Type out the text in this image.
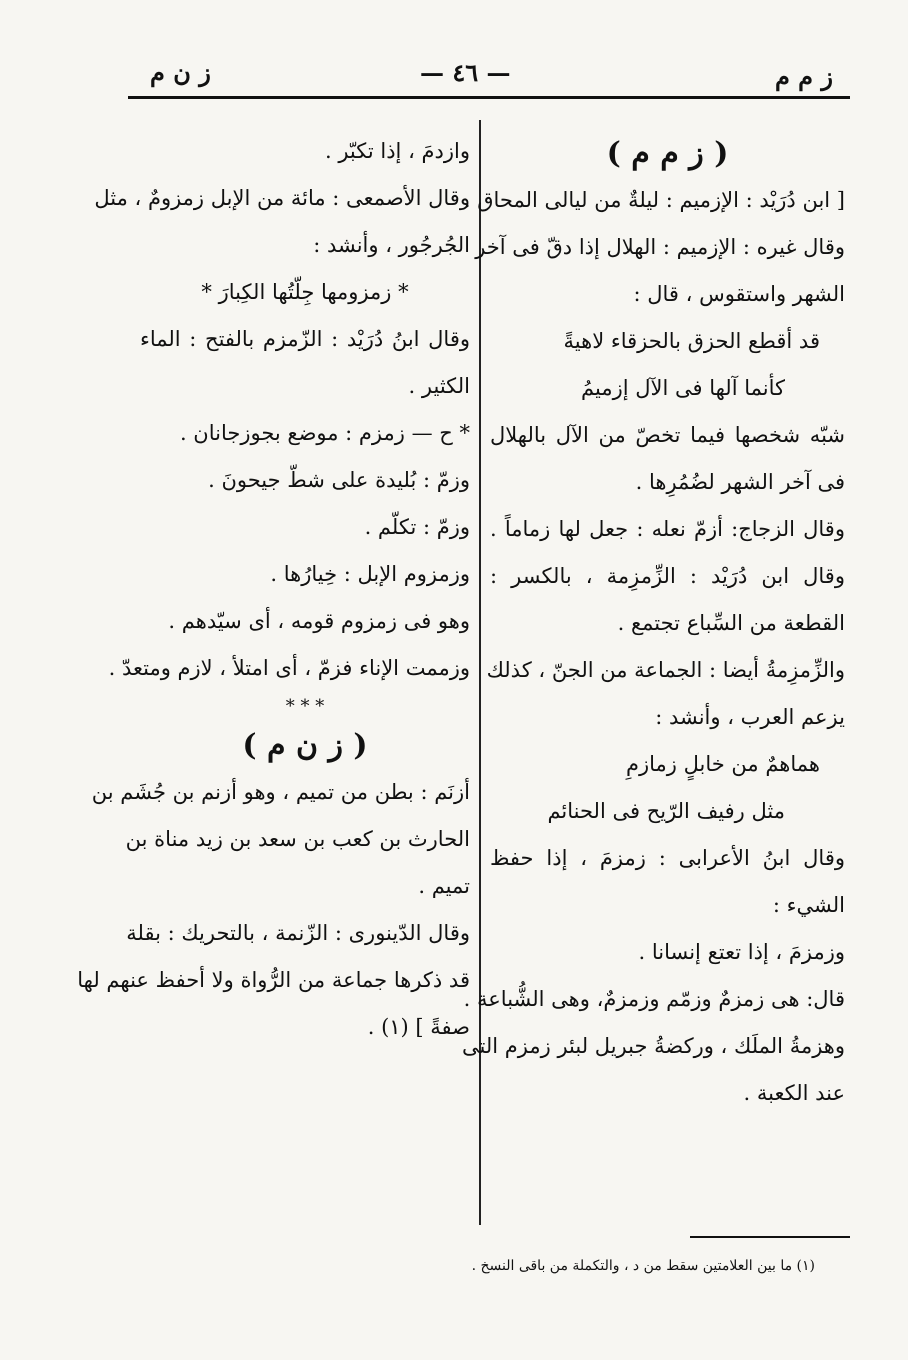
ز م م
— ٤٦ —
ز ن م
( ز م م )
[ ابن دُرَيْد : الإزميم : ليلةٌ من ليالى المحاق .
وقال غيره : الإزميم : الهلال إذا دقّ فى آخر
الشهر واستقوس ، قال :
قد أقطع الحزق بالحزقاء لاهيةً
كأنما آلها فى الآل إزميمُ
شبّه شخصها فيما تخصّ من الآل بالهلال
فى آخر الشهر لضُمُرِها .
وقال الزجاج: أزمّ نعله : جعل لها زماماً .
وقال ابن دُرَيْد : الزِّمزِمة ، بالكسر :
القطعة من السِّباع تجتمع .
والزِّمزِمةُ أيضا : الجماعة من الجنّ ، كذلك
يزعم العرب ، وأنشد :
هماهمٌ من خابلٍ زمازمِ
مثل رفيف الرّيح فى الحنائم
وقال ابنُ الأعرابى : زمزمَ ، إذا حفظ
الشيء :
وزمزمَ ، إذا تعتع إنسانا .
قال: هى زمزمٌ وزمّم وزمزمٌ، وهى الشُّباعة .
وهزمةُ الملَك ، وركضةُ جبريل لبئر زمزم التى
عند الكعبة .
وازدمَ ، إذا تكبّر .
وقال الأصمعى : مائة من الإبل زمزومٌ ، مثل
الجُرجُور ، وأنشد :
* زمزومها جِلّتُها الكِبارَ *
وقال ابنُ دُرَيْد : الزّمزم بالفتح : الماء
الكثير .
* ح — زمزم : موضع بجوزجانان .
وزمّ : بُليدة على شطّ جيحونَ .
وزمّ : تكلّم .
وزمزوم الإبل : خِيارُها .
وهو فى زمزوم قومه ، أى سيّدهم .
وزممت الإناء فزمّ ، أى امتلأ ، لازم ومتعدّ .
* * *
( ز ن م )
أزنَم : بطن من تميم ، وهو أزنم بن جُشَم بن
الحارث بن كعب بن سعد بن زيد مناة بن
تميم .
وقال الدّينورى : الزّنمة ، بالتحريك : بقلة
قد ذكرها جماعة من الرُّواة ولا أحفظ عنهم لها
صفةً ] (١) .
(١) ما بين العلامتين سقط من د ، والتكملة من باقى النسخ .
